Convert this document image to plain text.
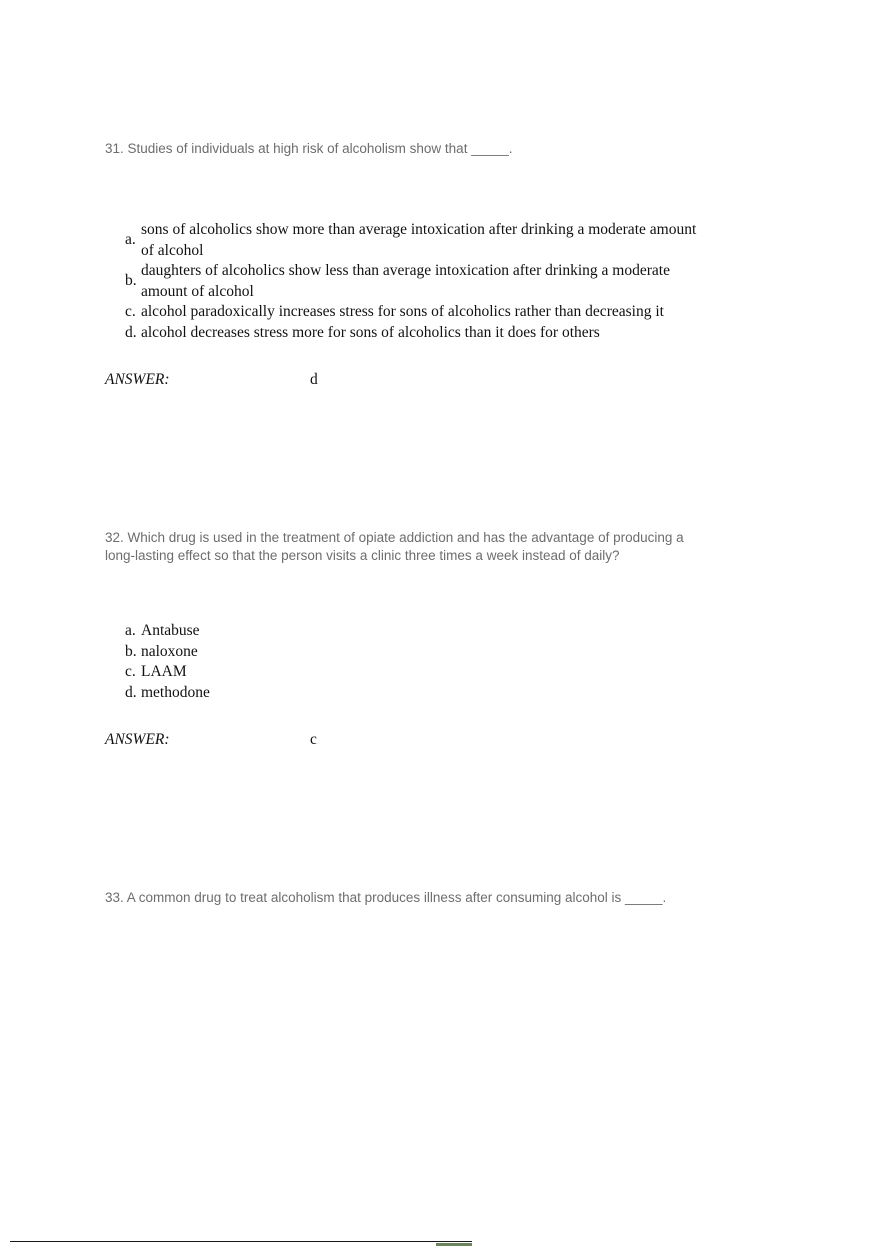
31. Studies of individuals at high risk of alcoholism show that _____.
a.
sons of alcoholics show more than average intoxication after drinking a moderate amount of alcohol
b.
daughters of alcoholics show less than average intoxication after drinking a moderate amount of alcohol
c. alcohol paradoxically increases stress for sons of alcoholics rather than decreasing it
d. alcohol decreases stress more for sons of alcoholics than it does for others
ANSWER:	d
32. Which drug is used in the treatment of opiate addiction and has the advantage of producing a long-lasting effect so that the person visits a clinic three times a week instead of daily?
a. Antabuse
b. naloxone
c. LAAM
d. methodone
ANSWER:	c
33. A common drug to treat alcoholism that produces illness after consuming alcohol is _____.
